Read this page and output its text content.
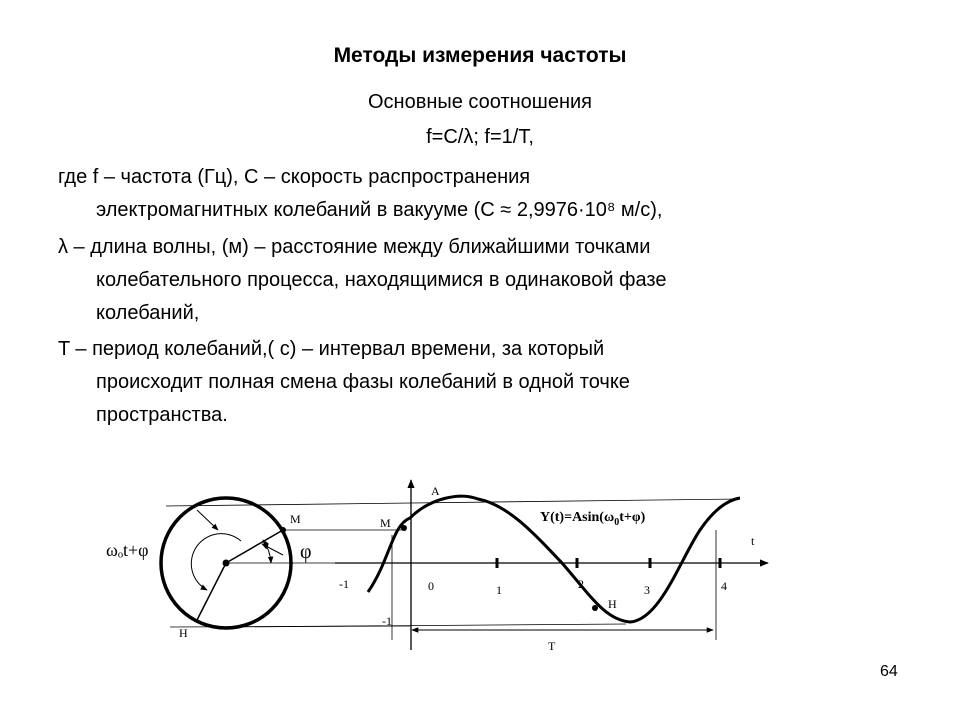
Методы измерения частоты
Основные соотношения
f=C/λ; f=1/T,
где f – частота (Гц), C – скорость распространения
электромагнитных колебаний в вакууме (C ≈ 2,9976·10⁸ м/с),
λ – длина волны, (м) – расстояние между ближайшими точками
колебательного процесса, находящимися в одинаковой фазе
колебаний,
T – период колебаний,( с) – интервал времени, за который
происходит полная смена фазы колебаний в одной точке
пространства.
ωₒt+φ	φ
M
H
M
H
A
t
-1
-1
$Y(t)=Asin(\omega_0t+\varphi)$
0	1	2	3	4
T
64
